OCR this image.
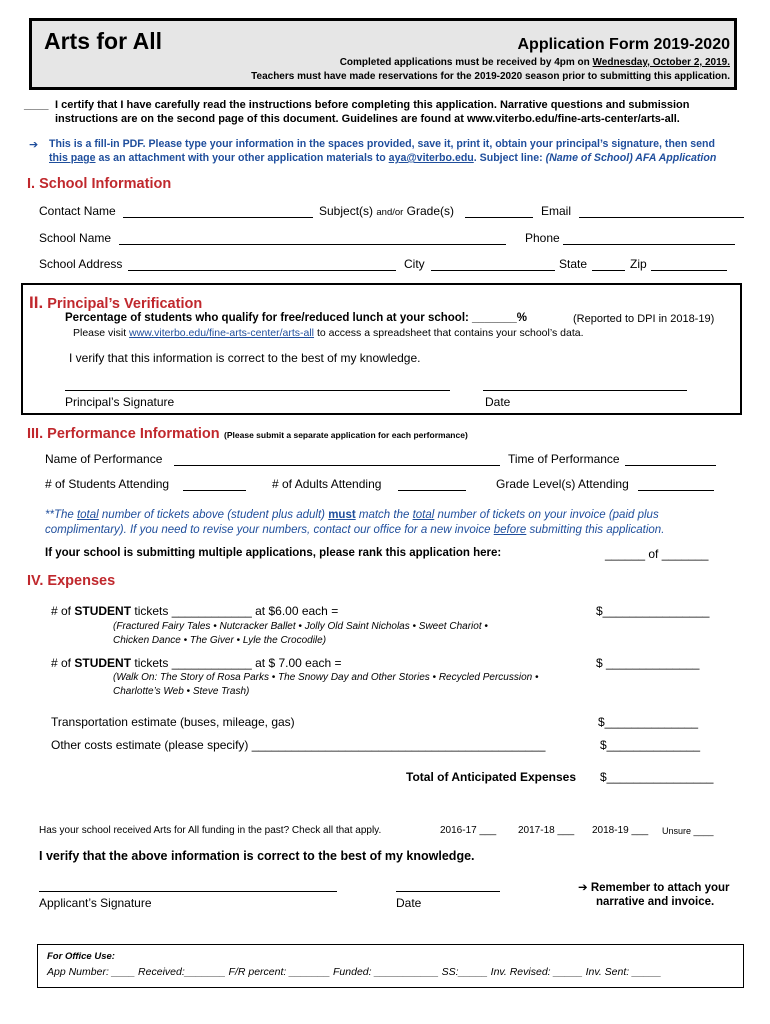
Arts for All	Application Form 2019-2020
Completed applications must be received by 4pm on Wednesday, October 2, 2019.
Teachers must have made reservations for the 2019-2020 season prior to submitting this application.
____ I certify that I have carefully read the instructions before completing this application. Narrative questions and submission
instructions are on the second page of this document. Guidelines are found at www.viterbo.edu/fine-arts-center/arts-all.
➔ This is a fill-in PDF. Please type your information in the spaces provided, save it, print it, obtain your principal’s signature, then send
this page as an attachment with your other application materials to aya@viterbo.edu. Subject line: (Name of School) AFA Application
I. School Information
Contact Name	Subject(s) and/or Grade(s)	Email
School Name	Phone
School Address	City	State	Zip
II. Principal’s Verification
Percentage of students who qualify for free/reduced lunch at your school: _______%	(Reported to DPI in 2018-19)
Please visit www.viterbo.edu/fine-arts-center/arts-all to access a spreadsheet that contains your school’s data.
I verify that this information is correct to the best of my knowledge.
Principal’s Signature	Date
III. Performance Information (Please submit a separate application for each performance)
Name of Performance	Time of Performance
# of Students Attending	# of Adults Attending	Grade Level(s) Attending
**The total number of tickets above (student plus adult) must match the total number of tickets on your invoice (paid plus
complimentary). If you need to revise your numbers, contact our office for a new invoice before submitting this application.
If your school is submitting multiple applications, please rank this application here:	______ of _______
IV. Expenses
# of STUDENT tickets ____________ at $6.00 each =	$________________
(Fractured Fairy Tales • Nutcracker Ballet • Jolly Old Saint Nicholas • Sweet Chariot •
Chicken Dance • The Giver • Lyle the Crocodile)
# of STUDENT tickets ____________ at $ 7.00 each =	$ ______________
(Walk On: The Story of Rosa Parks • The Snowy Day and Other Stories • Recycled Percussion •
Charlotte’s Web • Steve Trash)
Transportation estimate (buses, mileage, gas)	$______________
Other costs estimate (please specify) ____________________________________________	$______________
Total of Anticipated Expenses $________________
Has your school received Arts for All funding in the past? Check all that apply.	2016-17 ___ 2017-18 ___ 2018-19 ___ Unsure ____
I verify that the above information is correct to the best of my knowledge.
Applicant’s Signature	Date
➔ Remember to attach your
narrative and invoice.
For Office Use:
App Number: ____ Received:_______ F/R percent: _______ Funded: ___________ SS:_____ Inv. Revised: _____ Inv. Sent: _____
